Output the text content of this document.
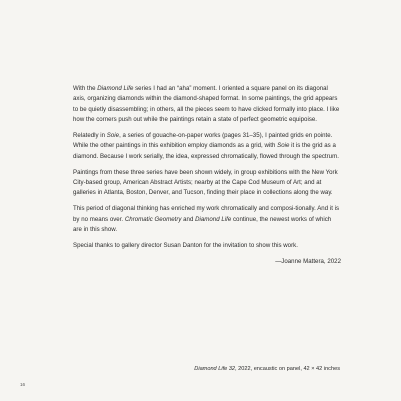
With the Diamond Life series I had an “aha” moment. I oriented a square panel on its diagonal axis, organizing diamonds within the diamond-shaped format. In some paintings, the grid appears to be quietly disassembling; in others, all the pieces seem to have clicked formally into place. I like how the corners push out while the paintings retain a state of perfect geometric equipoise.

Relatedly in Soie, a series of gouache-on-paper works (pages 31–35), I painted grids en pointe. While the other paintings in this exhibition employ diamonds as a grid, with Soie it is the grid as a diamond. Because I work serially, the idea, expressed chromatically, flowed through the spectrum.

Paintings from these three series have been shown widely, in group exhibitions with the New York City-based group, American Abstract Artists; nearby at the Cape Cod Museum of Art; and at galleries in Atlanta, Boston, Denver, and Tucson, finding their place in collections along the way.

This period of diagonal thinking has enriched my work chromatically and composi-tionally. And it is by no means over. Chromatic Geometry and Diamond Life continue, the newest works of which are in this show.

Special thanks to gallery director Susan Danton for the invitation to show this work.

—Joanne Mattera, 2022

Diamond Life 32, 2022, encaustic on panel, 42 × 42 inches
16
